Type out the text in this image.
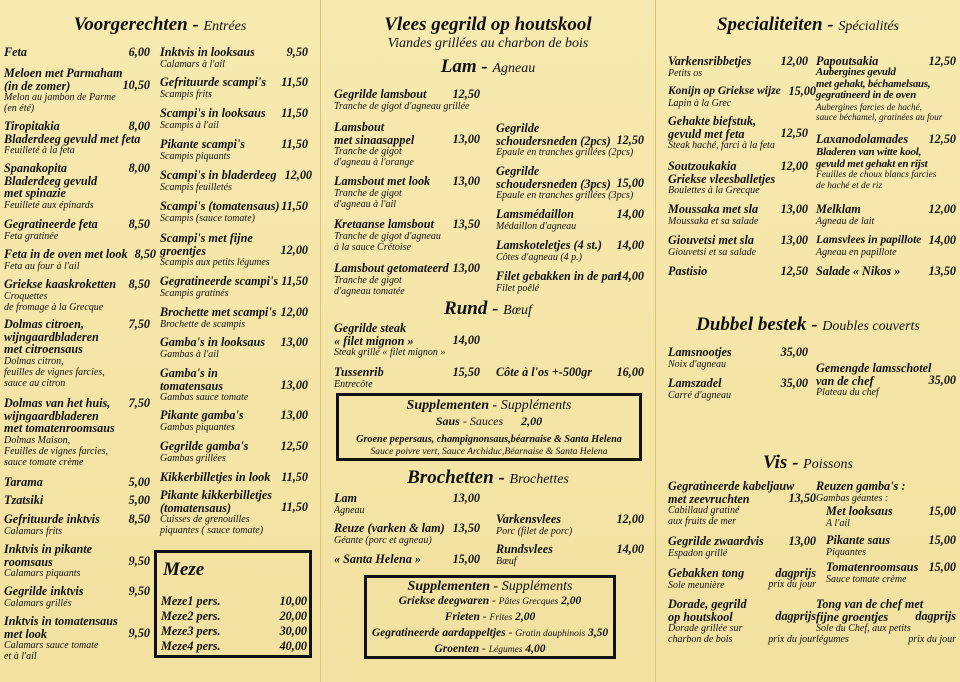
Voorgerechten - Entrées
Feta	6,00
Meloen met Parmaham
(in de zomer)	10,50
Melon au jambon de Parme
(en été)
Tiropitakia
Bladerdeeg gevuld met feta
8,00
Feuilleté à la feta
Spanakopita
Bladerdeeg gevuld
met spinazie
8,00
Feuilleté aux épinards
Gegratineerde feta	8,50
Feta gratinée
Feta in de oven met look 8,50
Feta au four à l'ail
Griekse kaaskroketten	8,50
Croquettes
de fromage à la Grecque
Dolmas citroen,
wijngaardbladeren
met citroensaus
7,50
Dolmas citron,
feuilles de vignes farcies,
sauce au citron
Dolmas van het huis,
wijngaardbladeren
met tomatenroomsaus
7,50
Dolmas Maison,
Feuilles de vignes farcies,
sauce tomate crème
Tarama	5,00
Tzatsiki	5,00
Gefrituurde inktvis	8,50
Calamars frits
Inktvis in pikante
roomsaus	9,50
Calamars piquants
Gegrilde inktvis	9,50
Calamars grillés
Inktvis in tomatensaus
met look	9,50
Calamars sauce tomate
et à l'ail
Inktvis in looksaus	9,50
Calamars à l'ail
Gefrituurde scampi's	11,50
Scampis frits
Scampi's in looksaus	11,50
Scampis à l'ail
Pikante scampi's	11,50
Scampis piquants
Scampi's in bladerdeeg 12,00
Scampis feuilletés
Scampi's (tomatensaus) 11,50
Scampis (sauce tomate)
Scampi's met fijne
groentjes	12,00
Scampis aux petits légumes
Gegratineerde scampi's 11,50
Scampis gratinés
Brochette met scampi's 12,00
Brochette de scampis
Gamba's in looksaus	13,00
Gambas à l'ail
Gamba's in
tomatensaus	13,00
Gambas sauce tomate
Pikante gamba's	13,00
Gambas piquantes
Gegrilde gamba's	12,50
Gambas grillées
Kikkerbilletjes in look 11,50
Pikante kikkerbilletjes
(tomatensaus)	11,50
Cuisses de grenouilles
piquantes ( sauce tomate)
Meze
Meze1 pers.	10,00
Meze2 pers.	20,00
Meze3 pers.	30,00
Meze4 pers.	40,00
Vlees gegrild op houtskool
Viandes grillées au charbon de bois
Lam - Agneau
Gegrilde lamsbout	12,50
Tranche de gigot d'agneau grillée
Lamsbout
met sinaasappel	13,00
Tranche de gigot
d'agneau à l'orange
Lamsbout met look	13,00
Tranche de gigot
d'agneau à l'ail
Kretaanse lamsbout	13,50
Tranche de gigot d'agneau
à la sauce Crétoise
Lamsbout getomateerd 13,00
Tranche de gigot
d'agneau tomatée
Gegrilde
schoudersneden (2pcs) 12,50
Epaule en tranches grillées (2pcs)
Gegrilde
schoudersneden (3pcs) 15,00
Epaule en tranches grillées (3pcs)
Lamsmédaillon	14,00
Médaillon d'agneau
Lamskoteletjes (4 st.)	14,00
Côtes d'agneau (4 p.)
Filet gebakken in de pan
14,00
Filet poêlé
Rund - Bœuf
Gegrilde steak
« filet mignon »	14,00
Steak grillé « filet mignon »
Tussenrib	15,50
Entrecôte
Côte à l'os +-500gr	16,00
Supplementen - Suppléments
Saus - Sauces 2,00
Groene pepersaus, champignonsaus,béarnaise & Santa Helena
Sauce poivre vert, Sauce Archiduc,Béarnaise & Santa Helena
Brochetten - Brochettes
Lam	13,00
Agneau
Reuze (varken & lam) 13,50
Géante (porc et agneau)
« Santa Helena »	15,00
Varkensvlees	12,00
Porc (filet de porc)
Rundsvlees	14,00
Bœuf
Supplementen - Suppléments
Griekse deegwaren - Pâtes Grecques 2,00
Frieten - Frites 2,00
Gegratineerde aardappeltjes - Gratin dauphinois 3,50
Groenten - Légumes 4,00
Specialiteiten - Spécialités
Varkensribbetjes	12,00
Petits os
Konijn op Griekse wijze 15,00
Lapin à la Grec
Gehakte biefstuk,
gevuld met feta	12,50
Steak haché, farci à la feta
Soutzoukakia
Griekse vleesballetjes
12,00
Boulettes à la Grecque
Moussaka met sla	13,00
Moussaka et sa salade
Giouvetsi met sla	13,00
Giouvetsi et sa salade
Pastisio	12,50
Papoutsakia	12,50
Aubergines gevuld
met gehakt, béchamelsaus,
gegratineerd in de oven
Aubergines farcies de haché,
sauce béchamel, gratinées au four
Laxanodolamades	12,50
Bladeren van witte kool,
gevuld met gehakt en rijst
Feuilles de choux blancs farcies
de haché et de riz
Melklam	12,00
Agneau de lait
Lamsvlees in papillote 14,00
Agneau en papillote
Salade « Nikos »	13,50
Dubbel bestek - Doubles couverts
Lamsnootjes	35,00
Noix d'agneau
Lamszadel	35,00
Carré d'agneau
Gemengde lamsschotel
van de chef	35,00
Plateau du chef
Vis - Poissons
Gegratineerde kabeljauw
met zeevruchten	13,50
Cabillaud gratiné
aux fruits de mer
Gegrilde zwaardvis	13,00
Espadon grillé
Gebakken tong	dagprijs
Sole meunière	prix du jour
Dorade, gegrild
op houtskool	dagprijs
Dorade grillée sur
charbon de bois	prix du jour
Reuzen gamba's :
Gambas géantes :
Met looksaus	15,00
A l'ail
Pikante saus	15,00
Piquantes
Tomatenroomsaus 15,00
Sauce tomate crème
Tong van de chef met
fijne groentjes	dagprijs
Sole du Chef, aux petits
légumes	prix du jour
